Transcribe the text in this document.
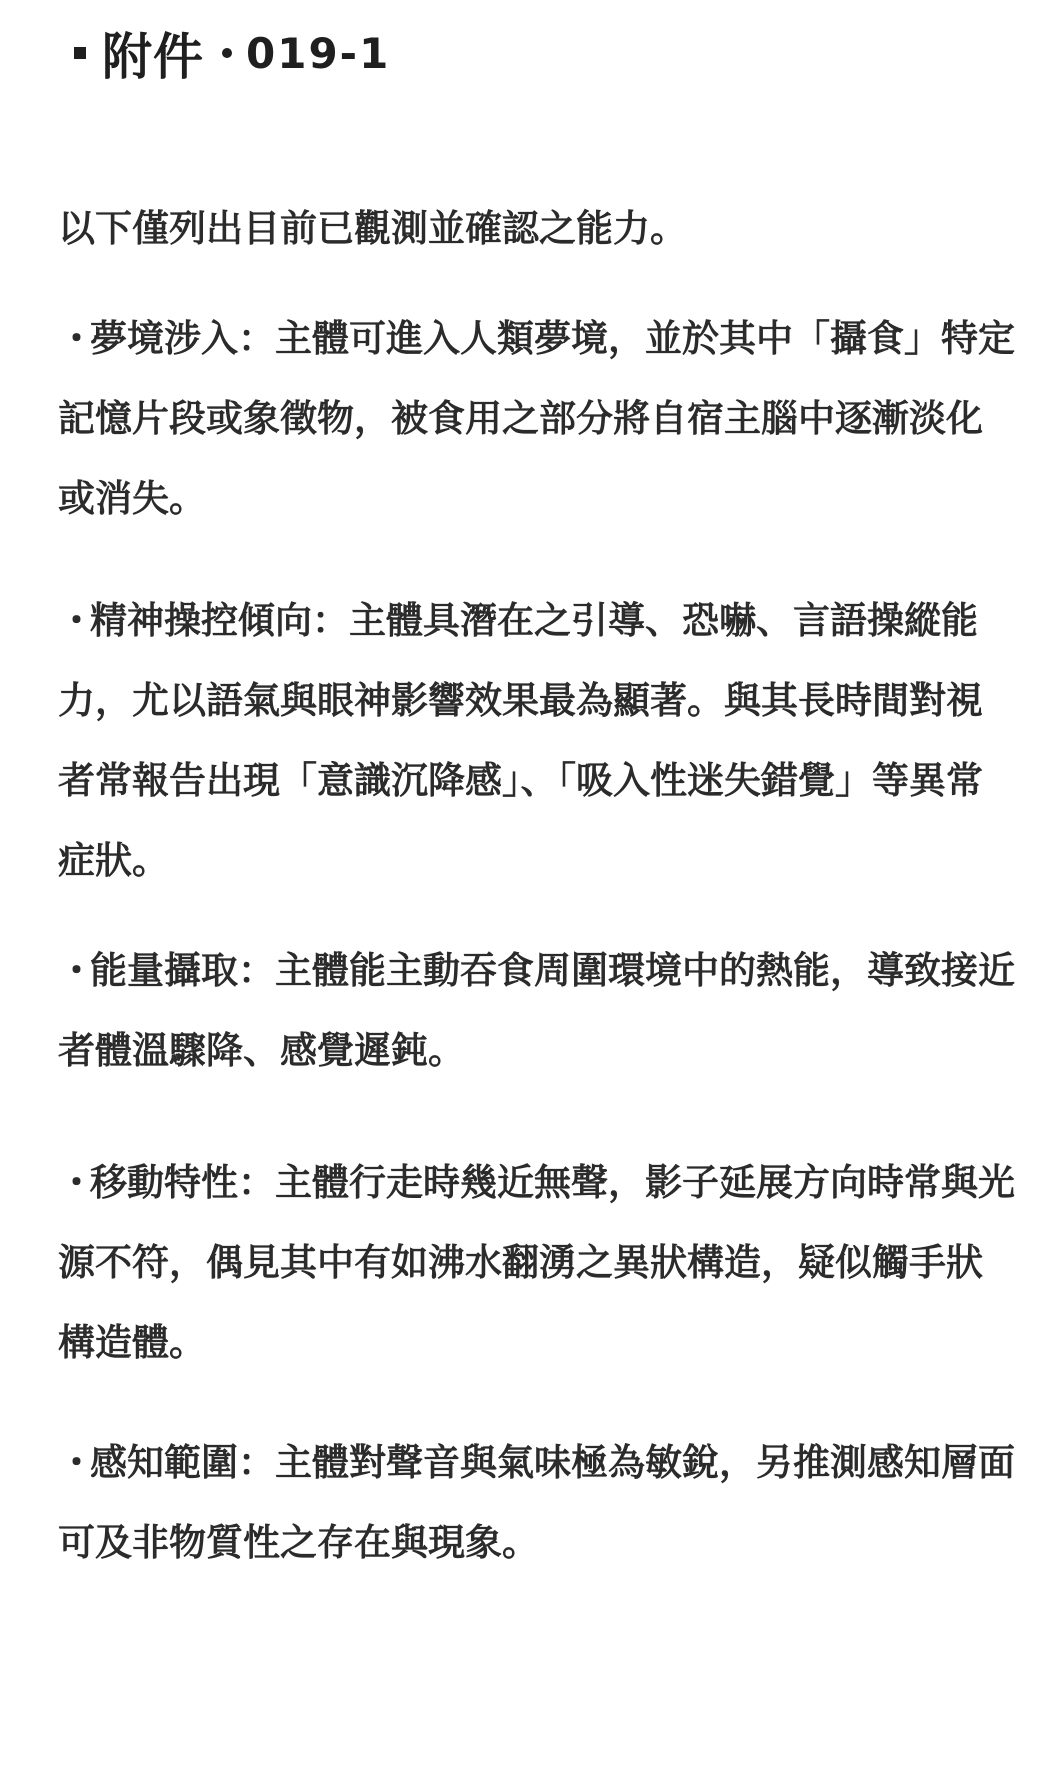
附件 019-1

以下僅列出目前已觀測並確認之能力。

・夢境涉入：主體可進入人類夢境，並於其中「攝食」特定記憶片段或象徵物，被食用之部分將自宿主腦中逐漸淡化或消失。

・精神操控傾向：主體具潛在之引導、恐嚇、言語操縱能力，尤以語氣與眼神影響效果最為顯著。與其長時間對視者常報告出現「意識沉降感」、「吸入性迷失錯覺」等異常症狀。

・能量攝取：主體能主動吞食周圍環境中的熱能，導致接近者體溫驟降、感覺遲鈍。

・移動特性：主體行走時幾近無聲，影子延展方向時常與光源不符，偶見其中有如沸水翻湧之異狀構造，疑似觸手狀構造體。

・感知範圍：主體對聲音與氣味極為敏銳，另推測感知層面可及非物質性之存在與現象。
